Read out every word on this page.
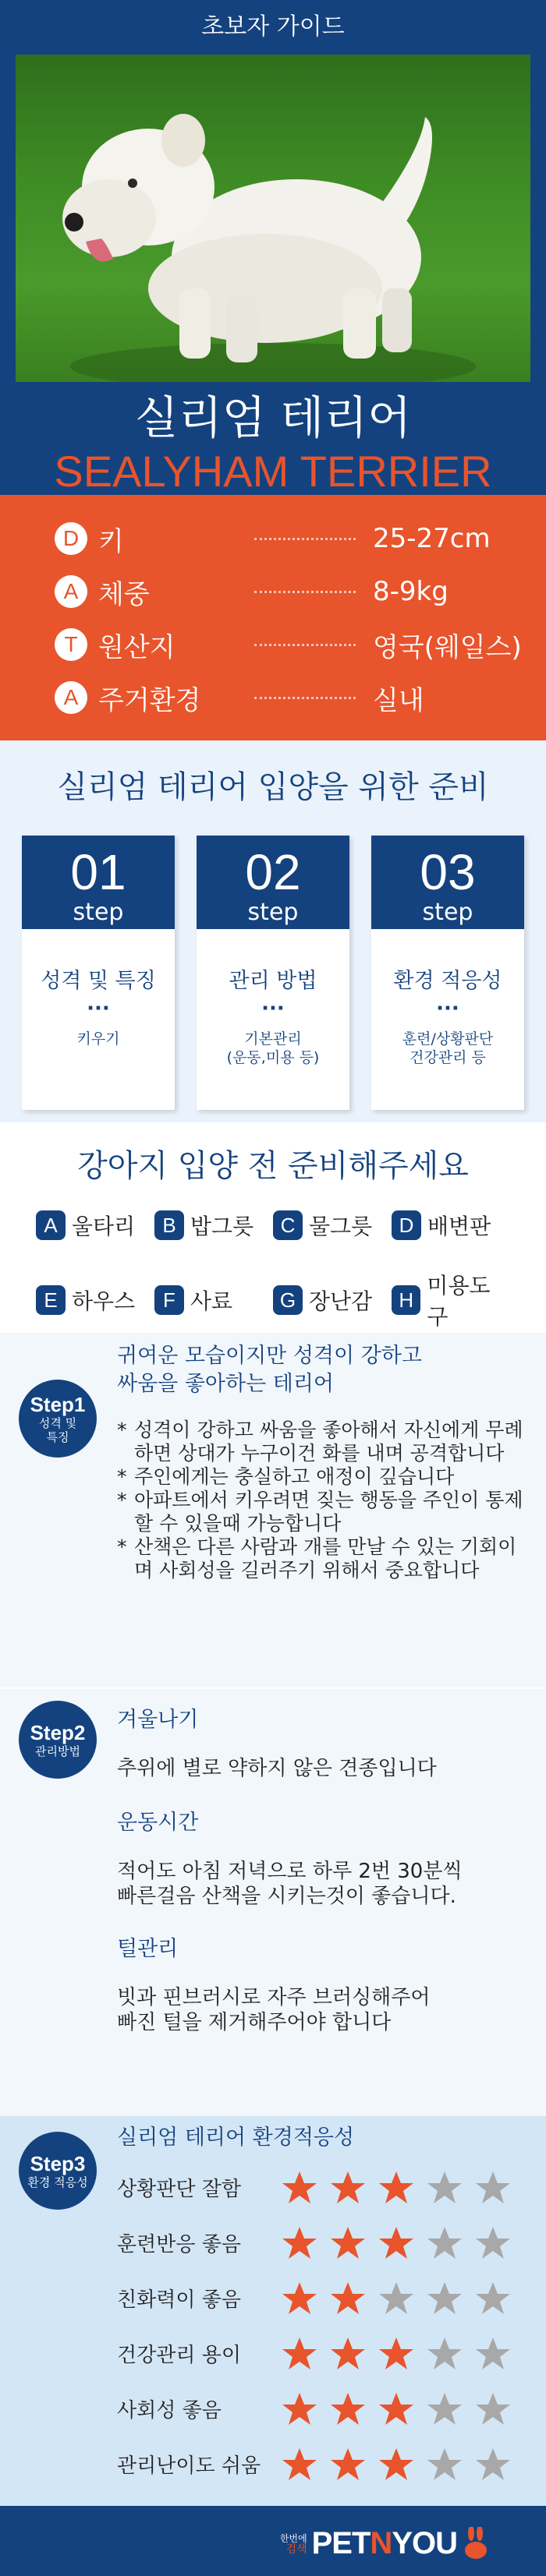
초보자 가이드
실리엄 테리어
SEALYHAM TERRIER
D 키	25-27cm
A 체중	8-9kg
T 원산지	영국(웨일스)
A 주거환경	실내
실리엄 테리어 입양을 위한 준비
01
step
성격 및 특징
···
키우기
02
step
관리 방법
···
기본관리
(운동,미용 등)
03
step
환경 적응성
···
훈련/상황판단
건강관리 등
강아지 입양 전 준비해주세요
A 울타리	B 밥그릇	C 물그릇	D 배변판
E 하우스	F 사료	G 장난감	H
미용도구
Step1
성격 및
특징
귀여운 모습이지만 성격이 강하고
싸움을 좋아하는 테리어
* 성격이 강하고 싸움을 좋아해서 자신에게 무례하면 상대가 누구이건 화를 내며 공격합니다
* 주인에게는 충실하고 애정이 깊습니다
* 아파트에서 키우려면 짖는 행동을 주인이 통제할 수 있을때 가능합니다
* 산책은 다른 사람과 개를 만날 수 있는 기회이며 사회성을 길러주기 위해서 중요합니다
Step2
관리방법
겨울나기
추위에 별로 약하지 않은 견종입니다
운동시간
적어도 아침 저녁으로 하루 2번 30분씩
빠른걸음 산책을 시키는것이 좋습니다.
털관리
빗과 핀브러시로 자주 브러싱해주어
빠진 털을 제거해주어야 합니다
Step3
환경 적응성
실리엄 테리어 환경적응성
상황판단 잘함
훈련반응 좋음
친화력이 좋음
건강관리 용이
사회성 좋음
관리난이도 쉬움
한번에
검색 PETNYOU
